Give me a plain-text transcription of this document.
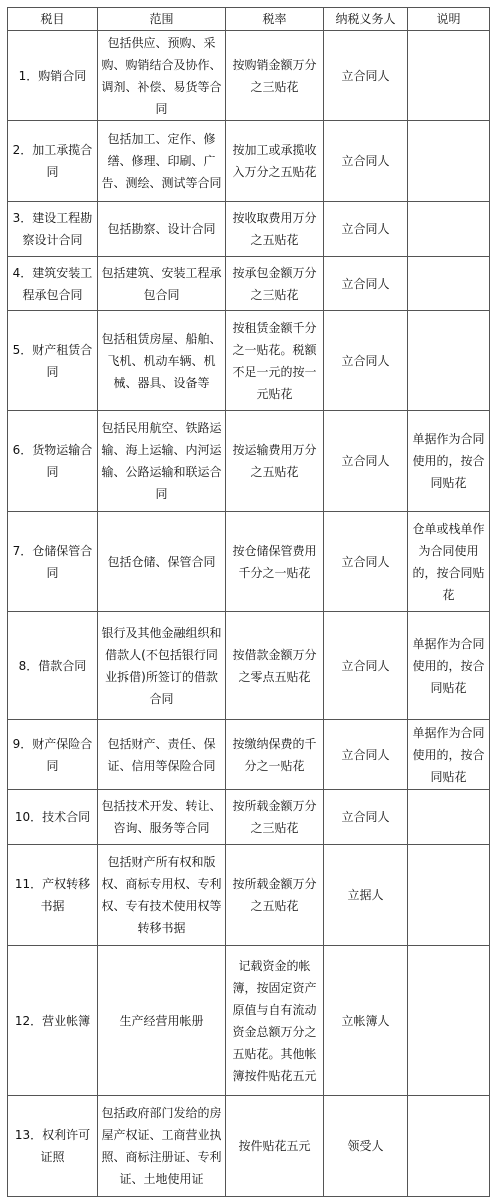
税目	范围	税率	纳税义务人	说明
1．购销合同	包括供应、预购、采购、购销结合及协作、调剂、补偿、易货等合同	按购销金额万分之三贴花	立合同人	
2．加工承揽合同	包括加工、定作、修缮、修理、印刷、广告、测绘、测试等合同	按加工或承揽收入万分之五贴花	立合同人	
3．建设工程勘察设计合同	包括勘察、设计合同	按收取费用万分之五贴花	立合同人	
4．建筑安装工程承包合同	包括建筑、安装工程承包合同	按承包金额万分之三贴花	立合同人	
5．财产租赁合同	包括租赁房屋、船舶、飞机、机动车辆、机械、器具、设备等	按租赁金额千分之一贴花。税额不足一元的按一元贴花	立合同人	
6．货物运输合同	包括民用航空、铁路运输、海上运输、内河运输、公路运输和联运合同	按运输费用万分之五贴花	立合同人	单据作为合同使用的，按合同贴花
7．仓储保管合同	包括仓储、保管合同	按仓储保管费用千分之一贴花	立合同人	仓单或栈单作为合同使用的，按合同贴花
8．借款合同	银行及其他金融组织和借款人(不包括银行同业拆借)所签订的借款合同	按借款金额万分之零点五贴花	立合同人	单据作为合同使用的，按合同贴花
9．财产保险合同	包括财产、责任、保证、信用等保险合同	按缴纳保费的千分之一贴花	立合同人	单据作为合同使用的，按合同贴花
10．技术合同	包括技术开发、转让、咨询、服务等合同	按所载金额万分之三贴花	立合同人	
11．产权转移书据	包括财产所有权和版权、商标专用权、专利权、专有技术使用权等转移书据	按所载金额万分之五贴花	立据人	
12．营业帐簿	生产经营用帐册	记载资金的帐簿，按固定资产原值与自有流动资金总额万分之五贴花。其他帐簿按件贴花五元	立帐簿人	
13．权利许可证照	包括政府部门发给的房屋产权证、工商营业执照、商标注册证、专利证、土地使用证	按件贴花五元	领受人	
